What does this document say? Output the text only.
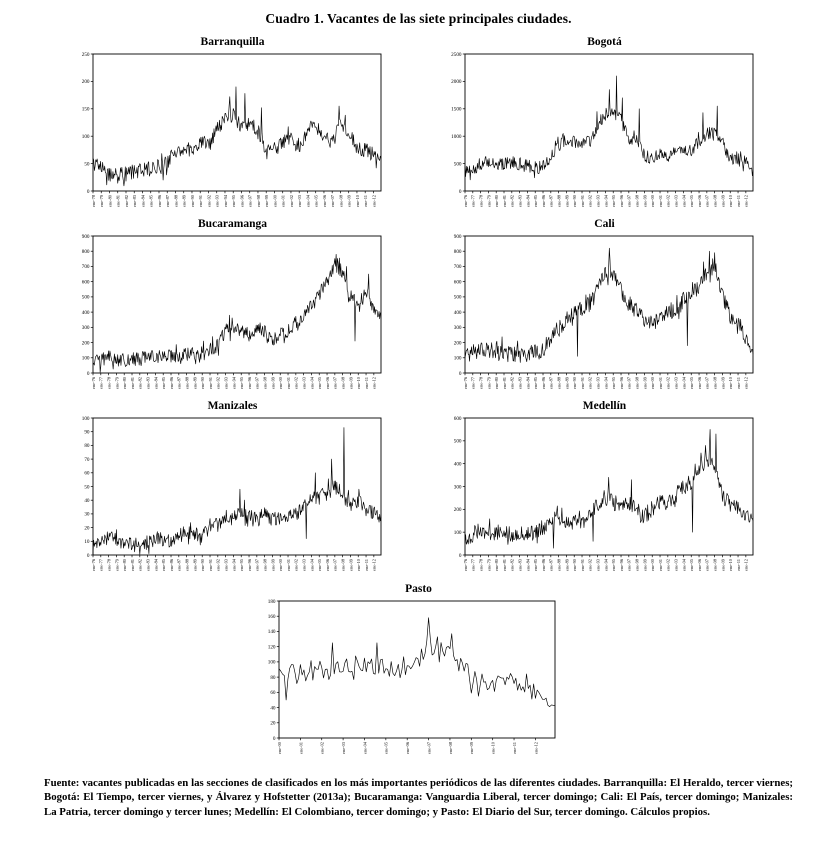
Cuadro 1. Vacantes de las siete principales ciudades.
Barranquilla
0
50
100
150
200
250
ene-78 ene-79 ene-80 ene-81 ene-82 ene-83 ene-84 ene-85 ene-86 ene-87 ene-88 ene-89 ene-90 ene-91 ene-92 ene-93 ene-94 ene-95 ene-96 ene-97 ene-98 ene-99 ene-00 ene-01 ene-02 ene-03 ene-04 ene-05 ene-06 ene-07 ene-08 ene-09 ene-10 ene-11 ene-12
Bogotá
0
500
1000
1500
2000
2500
ene-76 ene-77 ene-78 ene-79 ene-80 ene-81 ene-82 ene-83 ene-84 ene-85 ene-86 ene-87 ene-88 ene-89 ene-90 ene-91 ene-92 ene-93 ene-94 ene-95 ene-96 ene-97 ene-98 ene-99 ene-00 ene-01 ene-02 ene-03 ene-04 ene-05 ene-06 ene-07 ene-08 ene-09 ene-10 ene-11 ene-12
Bucaramanga
0
100
200
300
400
500
600
700
800
900
ene-76 ene-77 ene-78 ene-79 ene-80 ene-81 ene-82 ene-83 ene-84 ene-85 ene-86 ene-87 ene-88 ene-89 ene-90 ene-91 ene-92 ene-93 ene-94 ene-95 ene-96 ene-97 ene-98 ene-99 ene-00 ene-01 ene-02 ene-03 ene-04 ene-05 ene-06 ene-07 ene-08 ene-09 ene-10 ene-11 ene-12
Cali
0
100
200
300
400
500
600
700
800
900
ene-76 ene-77 ene-78 ene-79 ene-80 ene-81 ene-82 ene-83 ene-84 ene-85 ene-86 ene-87 ene-88 ene-89 ene-90 ene-91 ene-92 ene-93 ene-94 ene-95 ene-96 ene-97 ene-98 ene-99 ene-00 ene-01 ene-02 ene-03 ene-04 ene-05 ene-06 ene-07 ene-08 ene-09 ene-10 ene-11 ene-12
Manizales
0
10
20
30
40
50
60
70
80
90
100
ene-76 ene-77 ene-78 ene-79 ene-80 ene-81 ene-82 ene-83 ene-84 ene-85 ene-86 ene-87 ene-88 ene-89 ene-90 ene-91 ene-92 ene-93 ene-94 ene-95 ene-96 ene-97 ene-98 ene-99 ene-00 ene-01 ene-02 ene-03 ene-04 ene-05 ene-06 ene-07 ene-08 ene-09 ene-10 ene-11 ene-12
Medellín
0
100
200
300
400
500
600
ene-76 ene-77 ene-78 ene-79 ene-80 ene-81 ene-82 ene-83 ene-84 ene-85 ene-86 ene-87 ene-88 ene-89 ene-90 ene-91 ene-92 ene-93 ene-94 ene-95 ene-96 ene-97 ene-98 ene-99 ene-00 ene-01 ene-02 ene-03 ene-04 ene-05 ene-06 ene-07 ene-08 ene-09 ene-10 ene-11 ene-12
Pasto
0
20
40
60
80
100
120
140
160
180
ene-00	ene-01	ene-02	ene-03	ene-04	ene-05	ene-06	ene-07	ene-08	ene-09	ene-10	ene-11	ene-12

Fuente: vacantes publicadas en las secciones de clasificados en los más importantes periódicos de las diferentes ciudades. Barranquilla: El Heraldo, tercer viernes; Bogotá: El Tiempo, tercer viernes, y Álvarez y Hofstetter (2013a); Bucaramanga: Vanguardia Liberal, tercer domingo; Cali: El País, tercer domingo; Manizales: La Patria, tercer domingo y tercer lunes; Medellín: El Colombiano, tercer domingo; y Pasto: El Diario del Sur, tercer domingo. Cálculos propios.
